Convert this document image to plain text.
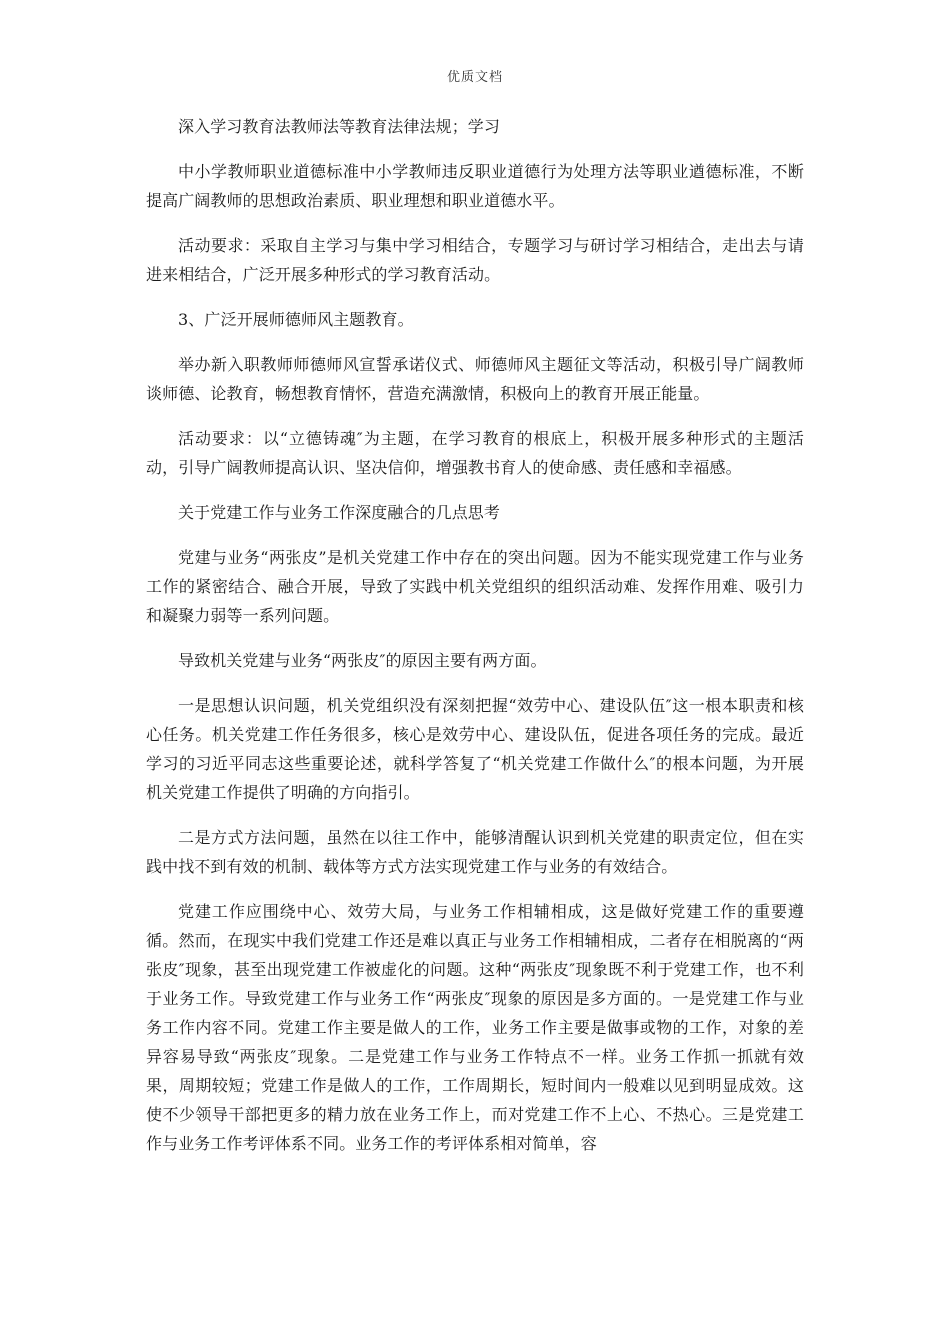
优质文档

深入学习教育法教师法等教育法律法规；学习

中小学教师职业道德标准中小学教师违反职业道德行为处理方法等职业遒德标准，不断提高广阔教师的思想政治素质、职业理想和职业道德水平。

活动要求：采取自主学习与集中学习相结合，专题学习与研讨学习相结合，走出去与请进来相结合，广泛开展多种形式的学习教育活动。

3、广泛开展师德师风主题教育。

举办新入职教师师德师风宣誓承诺仪式、师德师风主题征文等活动，积极引导广阔教师谈师德、论教育，畅想教育情怀，营造充满激情，积极向上的教育开展正能量。

活动要求：以“立德铸魂″为主题，在学习教育的根底上，积极开展多种形式的主题活动，引导广阔教师提高认识、坚决信仰，增强教书育人的使命感、责任感和幸福感。

关于党建工作与业务工作深度融合的几点思考

党建与业务“两张皮”是机关党建工作中存在的突出问题。因为不能实现党建工作与业务工作的紧密结合、融合开展，导致了实践中机关党组织的组织活动难、发挥作用难、吸引力和凝聚力弱等一系列问题。

导致机关党建与业务“两张皮″的原因主要有两方面。

一是思想认识问题，机关党组织没有深刻把握“效劳中心、建设队伍″这一根本职责和核心任务。机关党建工作任务很多，核心是效劳中心、建设队伍，促进各项任务的完成。最近学习的习近平同志这些重要论述，就科学答复了“机关党建工作做什么″的根本问题，为开展机关党建工作提供了明确的方向指引。

二是方式方法问题，虽然在以往工作中，能够清醒认识到机关党建的职责定位，但在实践中找不到有效的机制、载体等方式方法实现党建工作与业务的有效结合。

党建工作应围绕中心、效劳大局，与业务工作相辅相成，这是做好党建工作的重要遵循。然而，在现实中我们党建工作还是难以真正与业务工作相辅相成，二者存在相脱离的“两张皮″现象，甚至出现党建工作被虚化的问题。这种“两张皮″现象既不利于党建工作，也不利于业务工作。导致党建工作与业务工作“两张皮″现象的原因是多方面的。一是党建工作与业务工作内容不同。党建工作主要是做人的工作，业务工作主要是做事或物的工作，对象的差异容易导致“两张皮″现象。二是党建工作与业务工作特点不一样。业务工作抓一抓就有效果，周期较短；党建工作是做人的工作，工作周期长，短时间内一般难以见到明显成效。这使不少领导干部把更多的精力放在业务工作上，而对党建工作不上心、不热心。三是党建工作与业务工作考评体系不同。业务工作的考评体系相对简单，容
